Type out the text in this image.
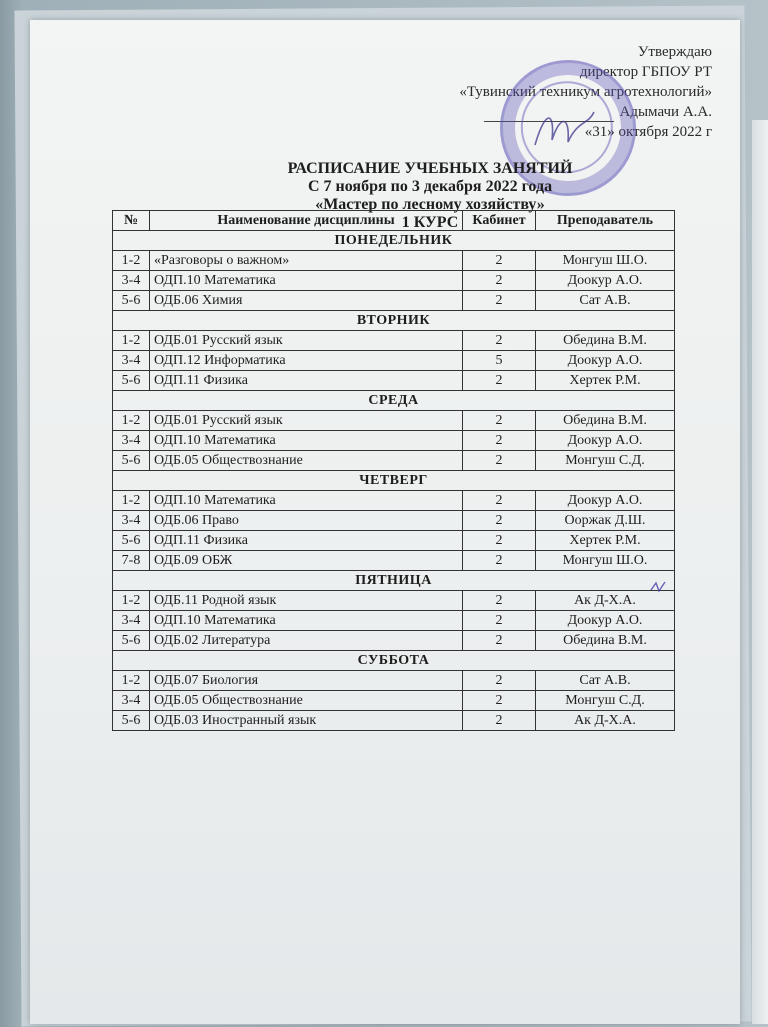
Утверждаю
директор ГБПОУ РТ
«Тувинский техникум агротехнологий»
Адымачи А.А.
«31» октября 2022 г
РАСПИСАНИЕ УЧЕБНЫХ ЗАНЯТИЙ
С 7 ноября по 3 декабря 2022 года
«Мастер по лесному хозяйству»
1 КУРС
№	Наименование дисциплины	Кабинет	Преподаватель
ПОНЕДЕЛЬНИК			
1-2	«Разговоры о важном»	2	Монгуш Ш.О.
3-4	ОДП.10 Математика	2	Доокур А.О.
5-6	ОДБ.06 Химия	2	Сат А.В.
ВТОРНИК			
1-2	ОДБ.01 Русский язык	2	Обедина В.М.
3-4	ОДП.12 Информатика	5	Доокур А.О.
5-6	ОДП.11 Физика	2	Хертек Р.М.
СРЕДА			
1-2	ОДБ.01 Русский язык	2	Обедина В.М.
3-4	ОДП.10 Математика	2	Доокур А.О.
5-6	ОДБ.05 Обществознание	2	Монгуш С.Д.
ЧЕТВЕРГ			
1-2	ОДП.10 Математика	2	Доокур А.О.
3-4	ОДБ.06 Право	2	Ооржак Д.Ш.
5-6	ОДП.11 Физика	2	Хертек Р.М.
7-8	ОДБ.09 ОБЖ	2	Монгуш Ш.О.
ПЯТНИЦА			
1-2	ОДБ.11 Родной язык	2	Ак Д-Х.А.
3-4	ОДП.10 Математика	2	Доокур А.О.
5-6	ОДБ.02 Литература	2	Обедина В.М.
СУББОТА			
1-2	ОДБ.07 Биология	2	Сат А.В.
3-4	ОДБ.05 Обществознание	2	Монгуш С.Д.
5-6	ОДБ.03 Иностранный язык	2	Ак Д-Х.А.
